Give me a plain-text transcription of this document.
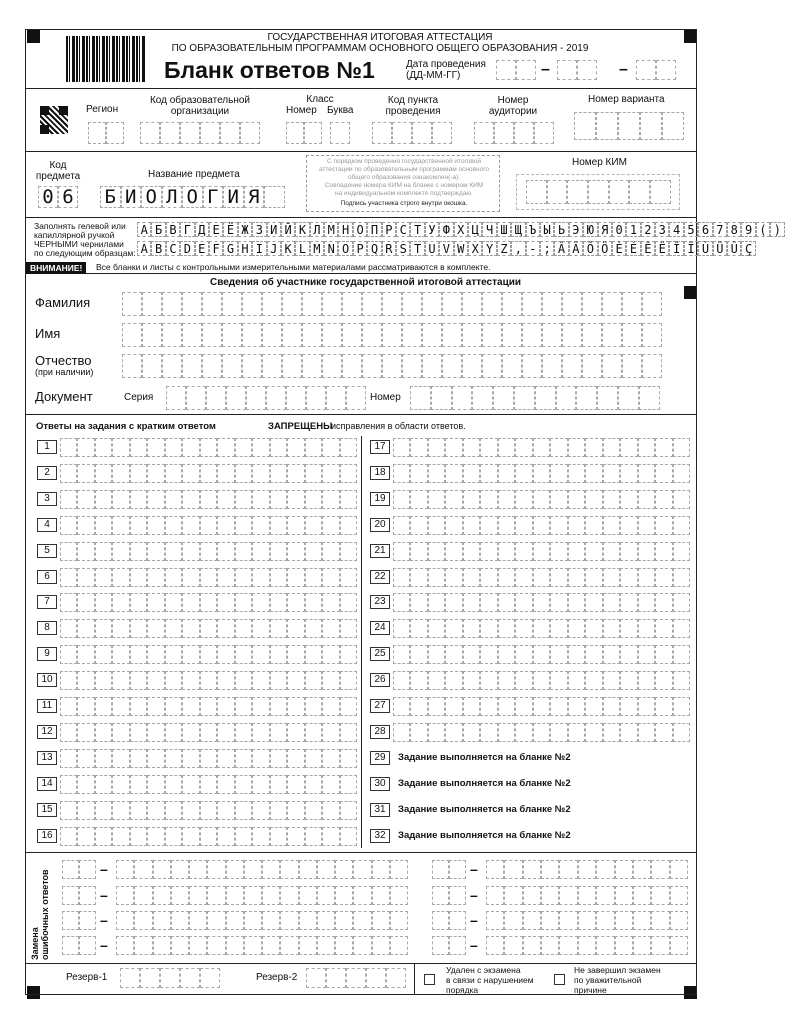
ГОСУДАРСТВЕННАЯ ИТОГОВАЯ АТТЕСТАЦИЯ
ПО ОБРАЗОВАТЕЛЬНЫМ ПРОГРАММАМ ОСНОВНОГО ОБЩЕГО ОБРАЗОВАНИЯ - 2019
Бланк ответов №1	Дата проведения
(ДД-ММ-ГГ)	–	–
Регион
Код образовательной организации
Класс
Номер Буква
Код пункта проведения
Номер аудитории
Номер варианта
Код предмета
0 6
Название предмета
Б И О Л О Г И Я
С порядком проведения государственной итоговой
аттестации по образовательным программам основного
общего образования ознакомлен(-а).
Совпадение номера КИМ на бланке с номером КИМ
на индивидуальном комплекте подтверждаю.
Подпись участника строго внутри окошка.
Номер КИМ
Заполнять гелевой или
капиллярной ручкой
ЧЕРНЫМИ чернилами
по следующим образцам:
А Б В Г Д Е Ё Ж З И Й К Л М Н О П Р С Т У Ф Х Ц Ч Ш Щ Ъ Ы Ь Э Ю Я 0 1 2 3 4 5 6 7 8 9 ( )
A B C D E F G H I J K L M N O P Q R S T U V W X Y Z , - ; Â Ä Õ Ö È É Ê Ë Î Ï Ù Ü Û Ç
ВНИМАНИЕ!	Все бланки и листы с контрольными измерительными материалами рассматриваются в комплекте.
Сведения об участнике государственной итоговой аттестации
Фамилия
Имя
Отчество
(при наличии)
Документ	Серия	Номер
Ответы на задания с кратким ответом	ЗАПРЕЩЕНЫ
исправления в области ответов.
1
2
3
4
5
6
7
8
9
10
11
12
13
14
15
16
17
18
19
20
21
22
23
24
25
26
27
28
29	Задание выполняется на бланке №2
30	Задание выполняется на бланке №2
31	Задание выполняется на бланке №2
32	Задание выполняется на бланке №2
Замена ошибочных ответов
–	–
–	–
–	–
–	–
Резерв-1	Резерв-2
Удален с экзамена
в связи с нарушением
порядка
Не завершил экзамен
по уважительной
причине
